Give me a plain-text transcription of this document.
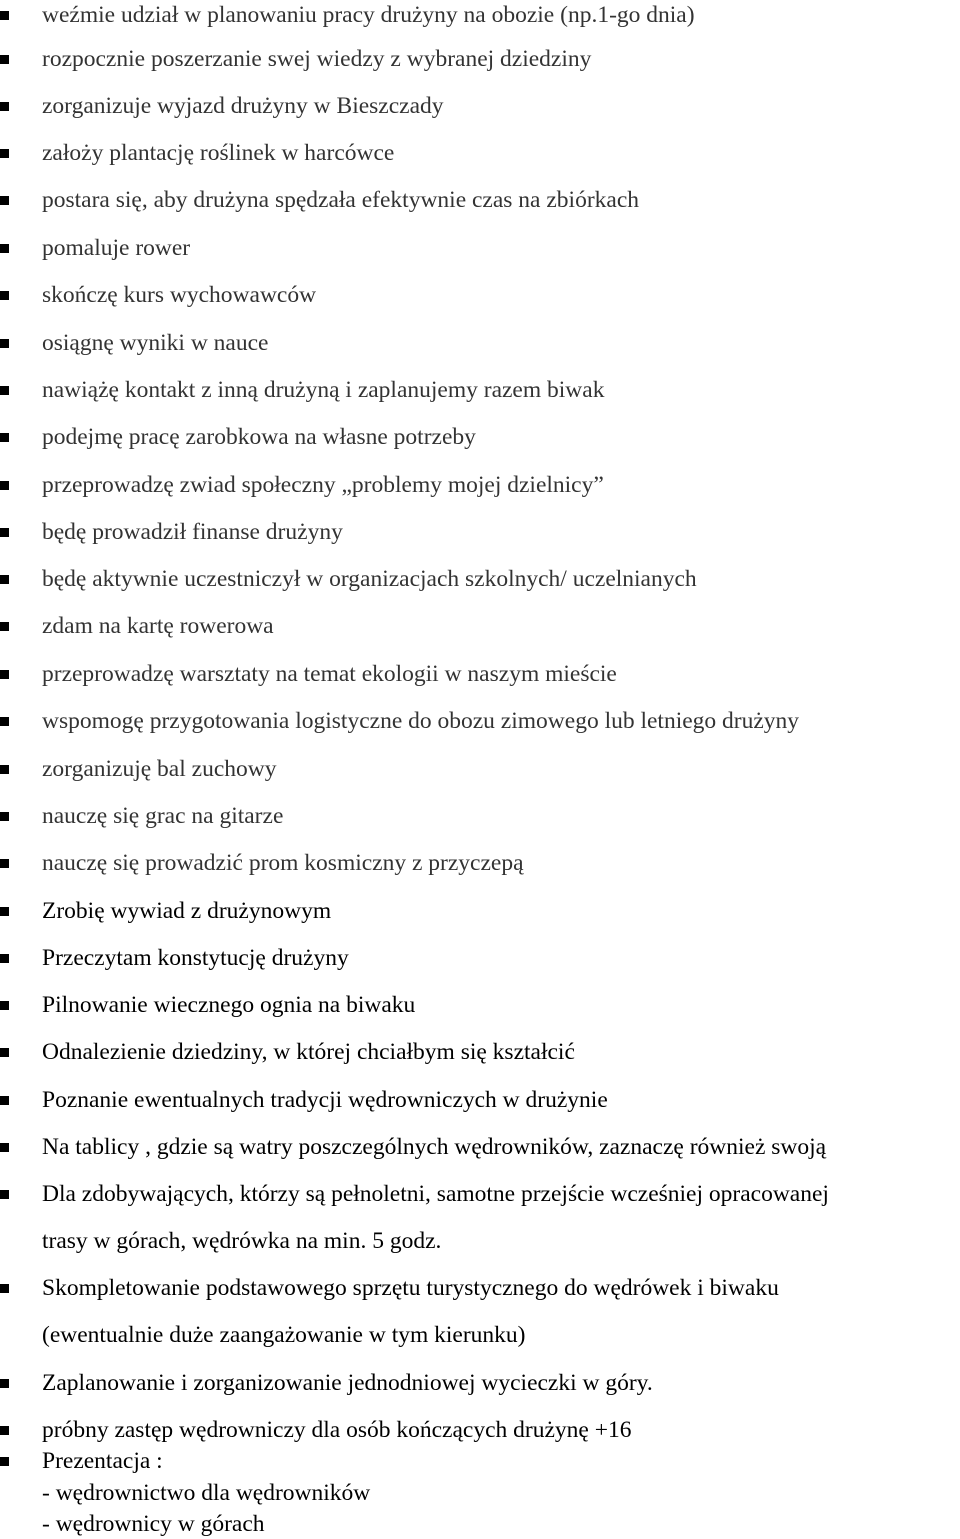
weźmie udział w planowaniu pracy drużyny na obozie (np.1-go dnia)
rozpocznie poszerzanie swej wiedzy z wybranej dziedziny
zorganizuje wyjazd drużyny w Bieszczady
założy plantację roślinek w harcówce
postara się, aby drużyna spędzała efektywnie czas na zbiórkach
pomaluje rower
skończę kurs wychowawców
osiągnę wyniki w nauce
nawiążę kontakt z inną drużyną i zaplanujemy razem biwak
podejmę pracę zarobkowa na własne potrzeby
przeprowadzę zwiad społeczny „problemy mojej dzielnicy”
będę prowadził finanse drużyny
będę aktywnie uczestniczył w organizacjach szkolnych/ uczelnianych
zdam na kartę rowerowa
przeprowadzę warsztaty na temat ekologii w naszym mieście
wspomogę przygotowania logistyczne do obozu zimowego lub letniego drużyny
zorganizuję bal zuchowy
nauczę się grac na gitarze
nauczę się prowadzić prom kosmiczny z przyczepą
Zrobię wywiad z drużynowym
Przeczytam konstytucję drużyny
Pilnowanie wiecznego ognia na biwaku
Odnalezienie dziedziny, w której chciałbym się kształcić
Poznanie ewentualnych tradycji wędrowniczych w drużynie
Na tablicy , gdzie są watry poszczególnych wędrowników, zaznaczę również swoją
Dla zdobywających, którzy są pełnoletni, samotne przejście wcześniej opracowanej
trasy w górach, wędrówka na min. 5 godz.
Skompletowanie podstawowego sprzętu turystycznego do wędrówek i biwaku
(ewentualnie duże zaangażowanie w tym kierunku)
Zaplanowanie i zorganizowanie jednodniowej wycieczki w góry.
próbny zastęp wędrowniczy dla osób kończących drużynę +16
Prezentacja :
- wędrownictwo dla wędrowników
- wędrownicy w górach
